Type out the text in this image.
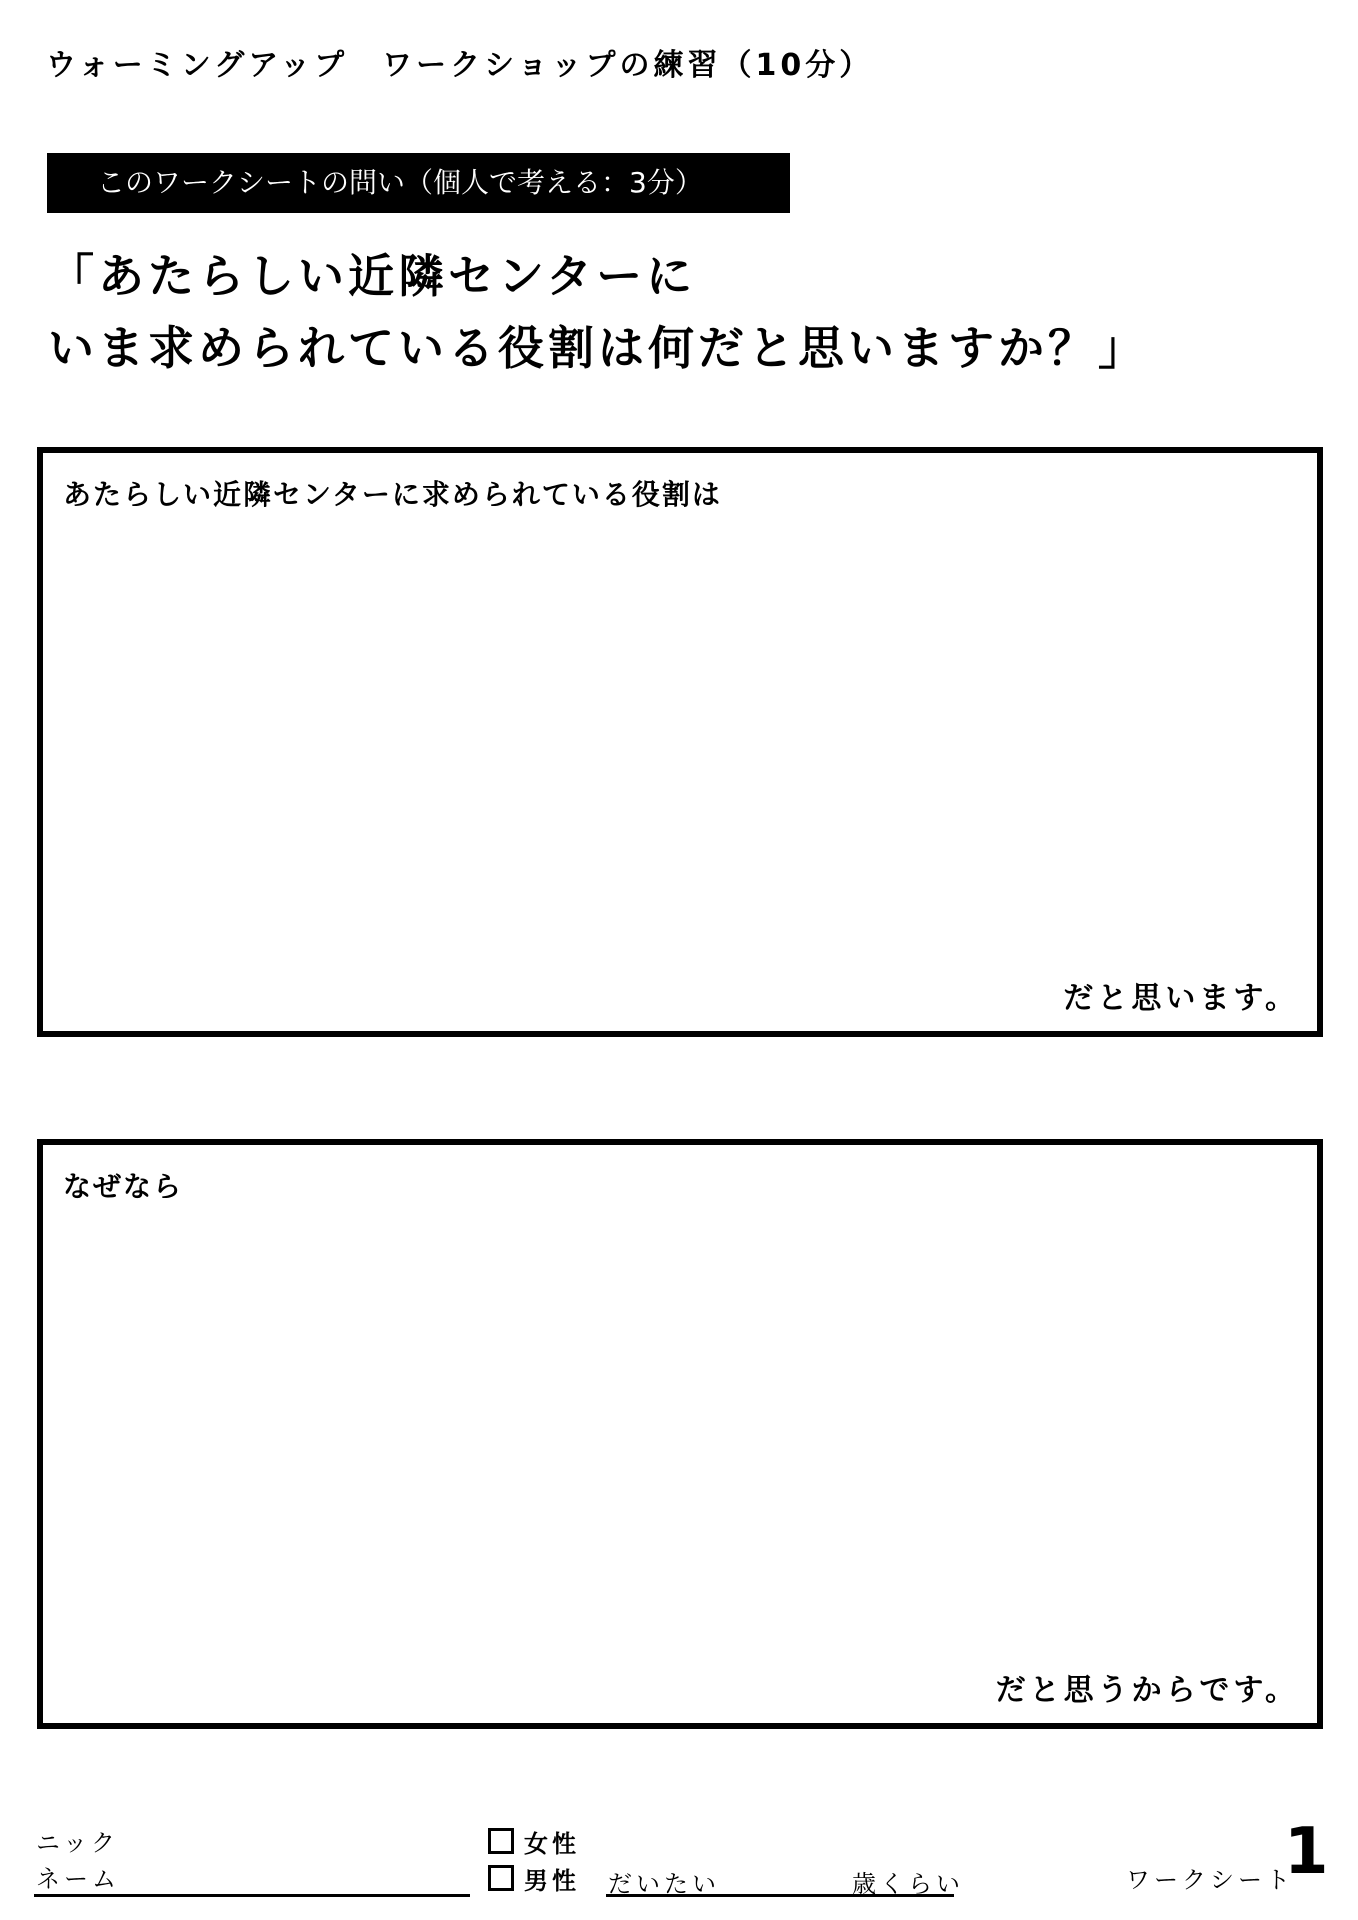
ウォーミングアップ　ワークショップの練習（10分）
このワークシートの問い（個人で考える：3分）
「あたらしい近隣センターに
いま求められている役割は何だと思いますか？」
あたらしい近隣センターに求められている役割は
だと思います。
なぜなら
だと思うからです。
ニック
ネーム
女性
男性 だいたい	歳くらい	ワークシート
1
